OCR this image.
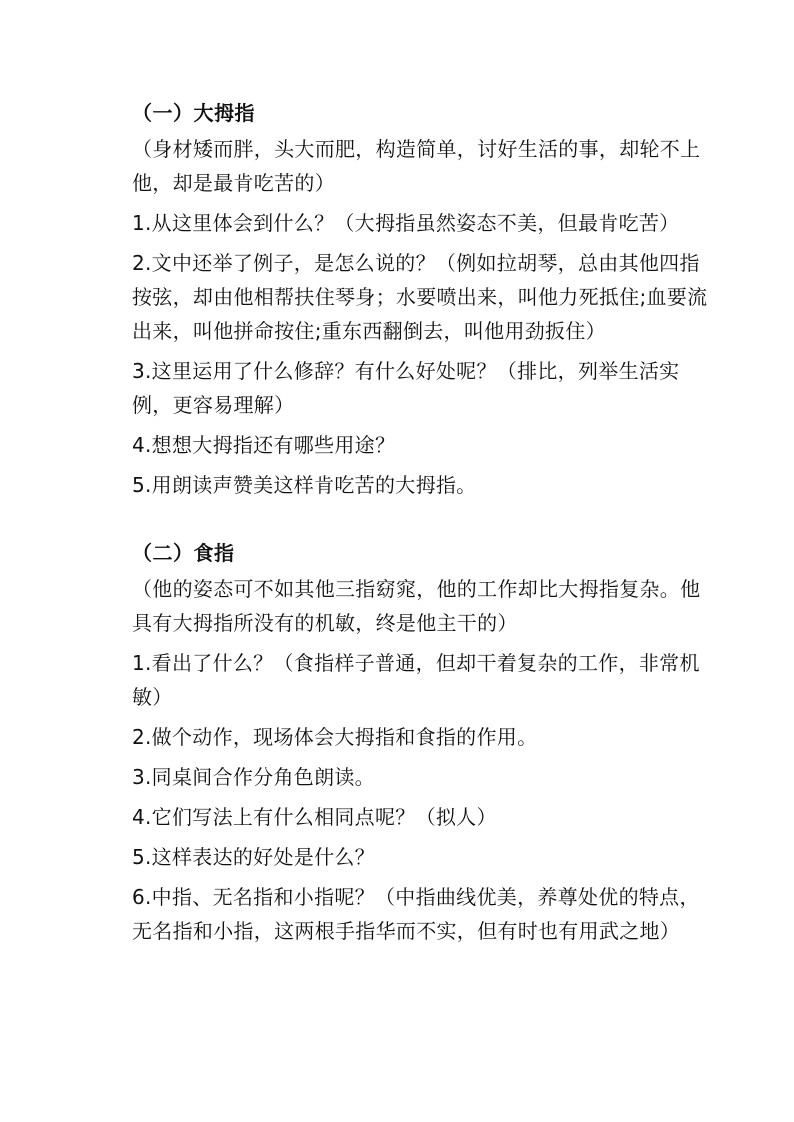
（一）大拇指
（身材矮而胖，头大而肥，构造简单，讨好生活的事，却轮不上他，却是最肯吃苦的）
1.从这里体会到什么？（大拇指虽然姿态不美，但最肯吃苦）
2.文中还举了例子，是怎么说的？（例如拉胡琴，总由其他四指按弦，却由他相帮扶住琴身；水要喷出来，叫他力死抵住;血要流出来，叫他拼命按住;重东西翻倒去，叫他用劲扳住）
3.这里运用了什么修辞？有什么好处呢？（排比，列举生活实例，更容易理解）
4.想想大拇指还有哪些用途？
5.用朗读声赞美这样肯吃苦的大拇指。
（二）食指
（他的姿态可不如其他三指窈窕，他的工作却比大拇指复杂。他具有大拇指所没有的机敏，终是他主干的）
1.看出了什么？（食指样子普通，但却干着复杂的工作，非常机敏）
2.做个动作，现场体会大拇指和食指的作用。
3.同桌间合作分角色朗读。
4.它们写法上有什么相同点呢？（拟人）
5.这样表达的好处是什么？
6.中指、无名指和小指呢？（中指曲线优美，养尊处优的特点，无名指和小指，这两根手指华而不实，但有时也有用武之地）
